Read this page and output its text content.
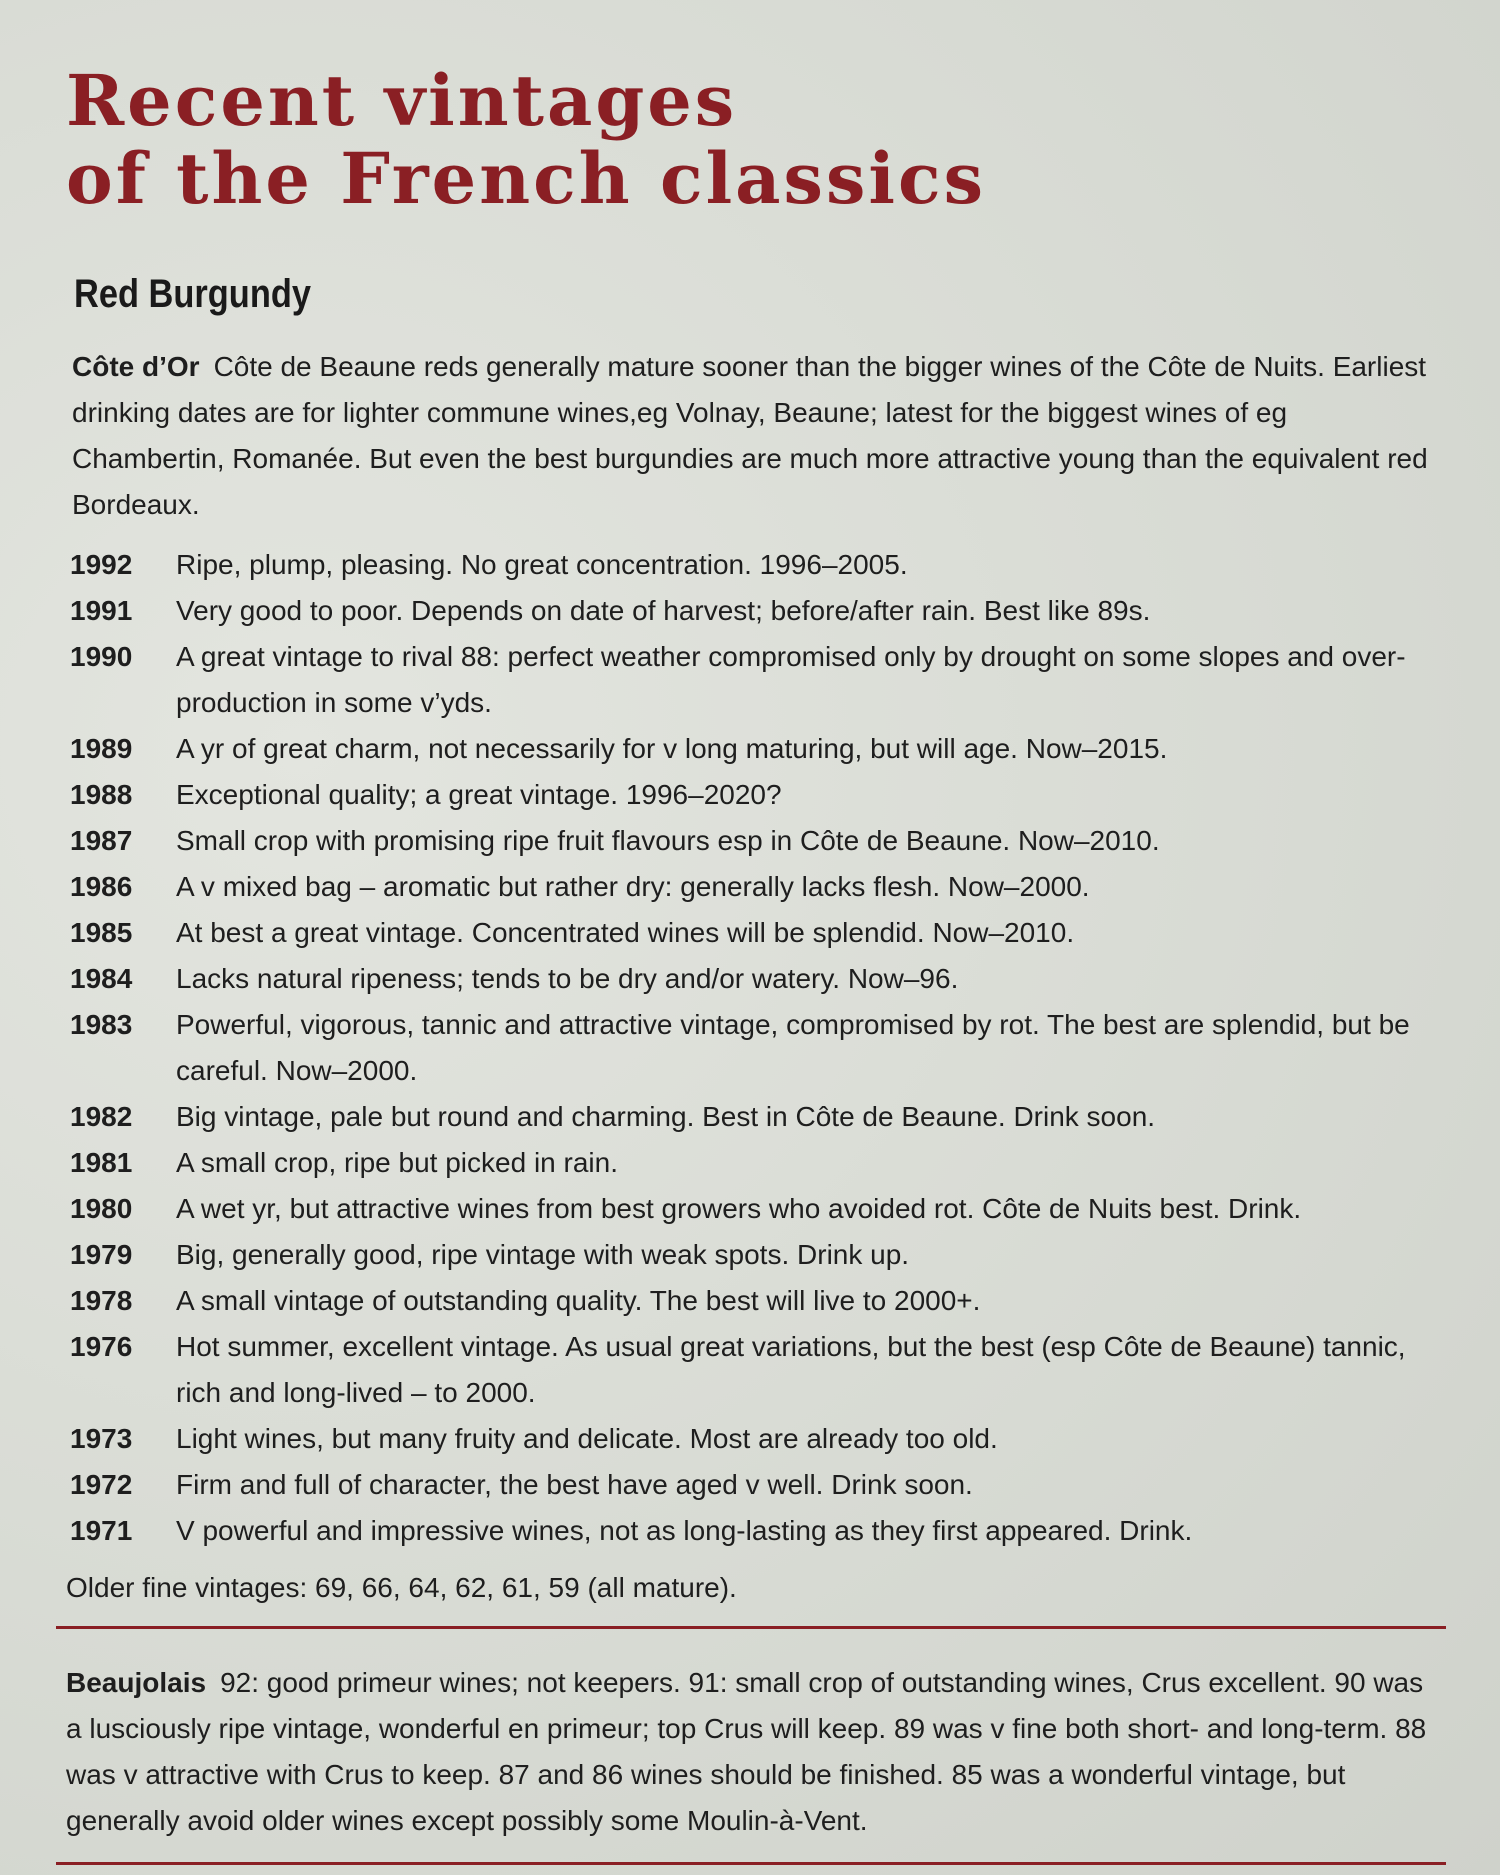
Recent vintages
of the French classics
Red Burgundy

Côte d’Or Côte de Beaune reds generally mature sooner than the bigger wines of the Côte de Nuits. Earliest drinking dates are for lighter commune wines,eg Volnay, Beaune; latest for the biggest wines of eg Chambertin, Romanée. But even the best burgundies are much more attractive young than the equivalent red Bordeaux.

1992	Ripe, plump, pleasing. No great concentration. 1996–2005.
1991	Very good to poor. Depends on date of harvest; before/after rain. Best like 89s.
1990	A great vintage to rival 88: perfect weather compromised only by drought on some slopes and over-production in some v’yds.
1989	A yr of great charm, not necessarily for v long maturing, but will age. Now–2015.
1988	Exceptional quality; a great vintage. 1996–2020?
1987	Small crop with promising ripe fruit flavours esp in Côte de Beaune. Now–2010.
1986	A v mixed bag – aromatic but rather dry: generally lacks flesh. Now–2000.
1985	At best a great vintage. Concentrated wines will be splendid. Now–2010.
1984	Lacks natural ripeness; tends to be dry and/or watery. Now–96.
1983	Powerful, vigorous, tannic and attractive vintage, compromised by rot. The best are splendid, but be careful. Now–2000.
1982	Big vintage, pale but round and charming. Best in Côte de Beaune. Drink soon.
1981	A small crop, ripe but picked in rain.
1980	A wet yr, but attractive wines from best growers who avoided rot. Côte de Nuits best. Drink.
1979	Big, generally good, ripe vintage with weak spots. Drink up.
1978	A small vintage of outstanding quality. The best will live to 2000+.
1976	Hot summer, excellent vintage. As usual great variations, but the best (esp Côte de Beaune) tannic, rich and long-lived – to 2000.
1973	Light wines, but many fruity and delicate. Most are already too old.
1972	Firm and full of character, the best have aged v well. Drink soon.
1971	V powerful and impressive wines, not as long-lasting as they first appeared. Drink.

Older fine vintages: 69, 66, 64, 62, 61, 59 (all mature).

Beaujolais 92: good primeur wines; not keepers. 91: small crop of outstanding wines, Crus excellent. 90 was a lusciously ripe vintage, wonderful en primeur; top Crus will keep. 89 was v fine both short- and long-term. 88 was v attractive with Crus to keep. 87 and 86 wines should be finished. 85 was a wonderful vintage, but generally avoid older wines except possibly some Moulin-à-Vent.
